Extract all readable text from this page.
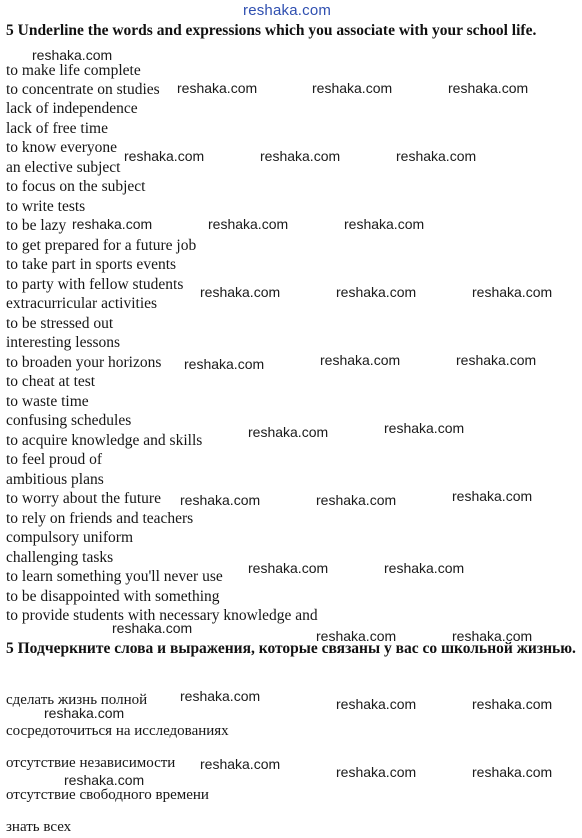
reshaka.com
5 Underline the words and expressions which you associate with your school life.
to make life complete
to concentrate on studies
lack of independence
lack of free time
to know everyone
an elective subject
to focus on the subject
to write tests
to be lazy
to get prepared for a future job
to take part in sports events
to party with fellow students
extracurricular activities
to be stressed out
interesting lessons
to broaden your horizons
to cheat at test
to waste time
confusing schedules
to acquire knowledge and skills
to feel proud of
ambitious plans
to worry about the future
to rely on friends and teachers
compulsory uniform
challenging tasks
to learn something you'll never use
to be disappointed with something
to provide students with necessary knowledge and
5 Подчеркните слова и выражения, которые связаны у вас со школьной жизнью.
сделать жизнь полной
сосредоточиться на исследованиях
отсутствие независимости
отсутствие свободного времени
знать всех
reshaka.com
reshaka.com	reshaka.com	reshaka.com
reshaka.com	reshaka.com	reshaka.com
reshaka.com	reshaka.com	reshaka.com
reshaka.com	reshaka.com	reshaka.com
reshaka.com	reshaka.com	reshaka.com
reshaka.com	reshaka.com
reshaka.com	reshaka.com	reshaka.com
reshaka.com	reshaka.com
reshaka.com	reshaka.com	reshaka.com
reshaka.com	reshaka.com	reshaka.com
reshaka.com
reshaka.com	reshaka.com	reshaka.com
reshaka.com
